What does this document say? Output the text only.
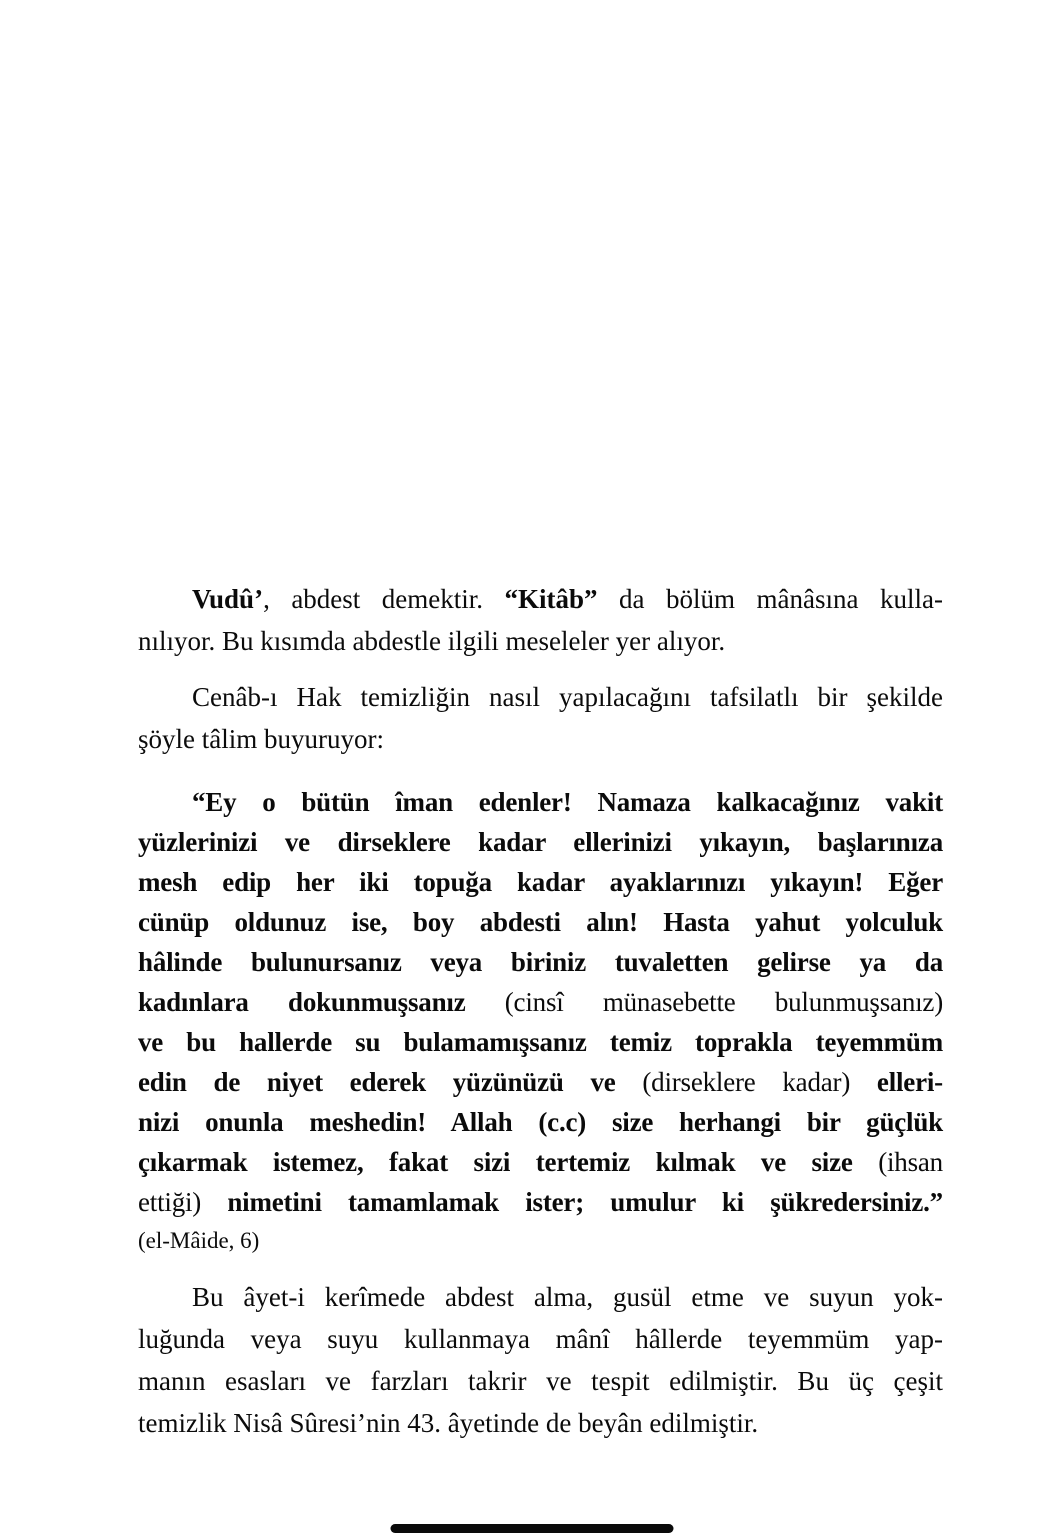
Vudû’, abdest demektir. “Kitâb” da bölüm mânâsına kulla-
nılıyor. Bu kısımda abdestle ilgili meseleler yer alıyor.
Cenâb-ı Hak temizliğin nasıl yapılacağını tafsilatlı bir şekilde
şöyle tâlim buyuruyor:
“Ey o bütün îman edenler! Namaza kalkacağınız vakit
yüzlerinizi ve dirseklere kadar ellerinizi yıkayın, başlarınıza
mesh edip her iki topuğa kadar ayaklarınızı yıkayın! Eğer
cünüp oldunuz ise, boy abdesti alın! Hasta yahut yolculuk
hâlinde bulunursanız veya biriniz tuvaletten gelirse ya da
kadınlara dokunmuşsanız (cinsî münasebette bulunmuşsanız)
ve bu hallerde su bulamamışsanız temiz toprakla teyemmüm
edin de niyet ederek yüzünüzü ve (dirseklere kadar) elleri-
nizi onunla meshedin! Allah (c.c) size herhangi bir güçlük
çıkarmak istemez, fakat sizi tertemiz kılmak ve size (ihsan
ettiği) nimetini tamamlamak ister; umulur ki şükredersiniz.”
(el-Mâide, 6)
Bu âyet-i kerîmede abdest alma, gusül etme ve suyun yok-
luğunda veya suyu kullanmaya mânî hâllerde teyemmüm yap-
manın esasları ve farzları takrir ve tespit edilmiştir. Bu üç çeşit
temizlik Nisâ Sûresi’nin 43. âyetinde de beyân edilmiştir.
